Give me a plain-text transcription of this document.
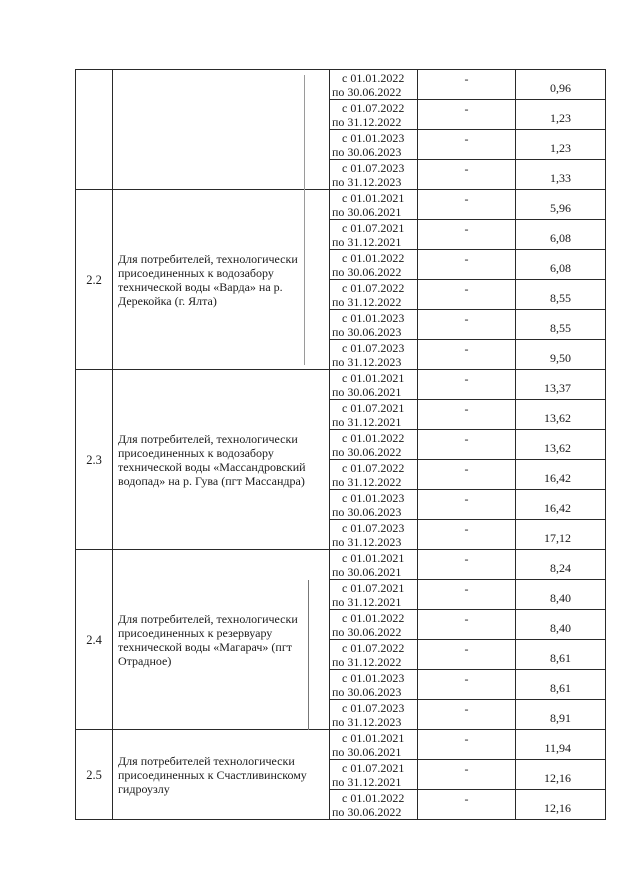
		с 01.01.2022
по 30.06.2022	-	0,96

		с 01.07.2022
по 31.12.2022	-	1,23

		с 01.01.2023
по 30.06.2023	-	1,23

		с 01.07.2023
по 31.12.2023	-	1,33
2.2	Для потребителей, технологически присоединенных к водозабору технической воды «Варда» на р. Дерекойка (г. Ялта)	с 01.01.2021
по 30.06.2021	-	5,96

		с 01.07.2021
по 31.12.2021	-	6,08

		с 01.01.2022
по 30.06.2022	-	6,08

		с 01.07.2022
по 31.12.2022	-	8,55

		с 01.01.2023
по 30.06.2023	-	8,55

		с 01.07.2023
по 31.12.2023	-	9,50
2.3	Для потребителей, технологически присоединенных к водозабору технической воды «Массандровский водопад» на р. Гува (пгт Массандра)	с 01.01.2021
по 30.06.2021	-	13,37

		с 01.07.2021
по 31.12.2021	-	13,62

		с 01.01.2022
по 30.06.2022	-	13,62

		с 01.07.2022
по 31.12.2022	-	16,42

		с 01.01.2023
по 30.06.2023	-	16,42

		с 01.07.2023
по 31.12.2023	-	17,12
2.4	Для потребителей, технологически присоединенных к резервуару технической воды «Магарач» (пгт Отрадное)	с 01.01.2021
по 30.06.2021	-	8,24

		с 01.07.2021
по 31.12.2021	-	8,40

		с 01.01.2022
по 30.06.2022	-	8,40

		с 01.07.2022
по 31.12.2022	-	8,61

		с 01.01.2023
по 30.06.2023	-	8,61

		с 01.07.2023
по 31.12.2023	-	8,91
2.5	Для потребителей технологически присоединенных к Счастливинскому гидроузлу	с 01.01.2021
по 30.06.2021	-	11,94

		с 01.07.2021
по 31.12.2021	-	12,16

		с 01.01.2022
по 30.06.2022	-	12,16
